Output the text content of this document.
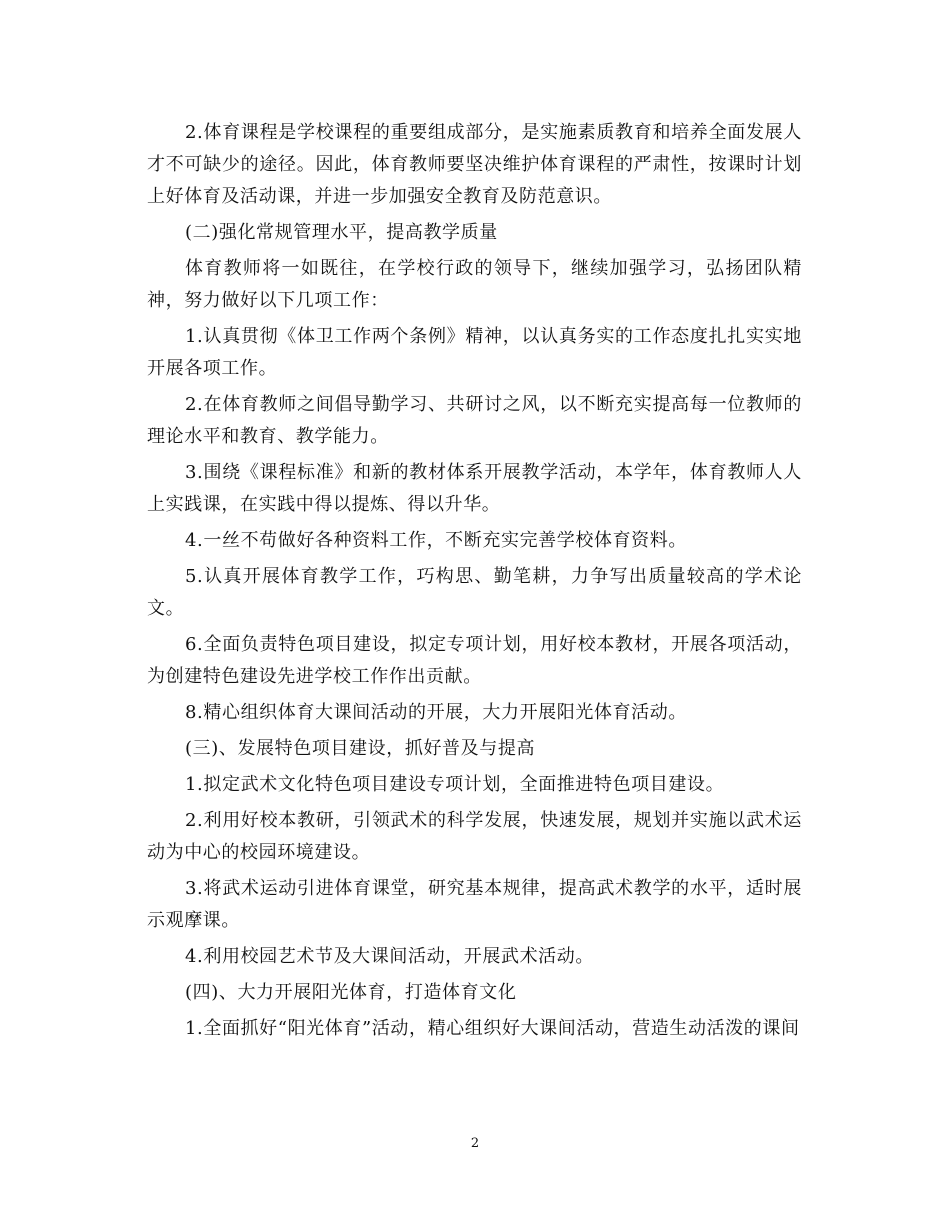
2.体育课程是学校课程的重要组成部分，是实施素质教育和培养全面发展人才不可缺少的途径。因此，体育教师要坚决维护体育课程的严肃性，按课时计划上好体育及活动课，并进一步加强安全教育及防范意识。

(二)强化常规管理水平，提高教学质量

体育教师将一如既往，在学校行政的领导下，继续加强学习，弘扬团队精神，努力做好以下几项工作：

1.认真贯彻《体卫工作两个条例》精神，以认真务实的工作态度扎扎实实地开展各项工作。

2.在体育教师之间倡导勤学习、共研讨之风，以不断充实提高每一位教师的理论水平和教育、教学能力。

3.围绕《课程标准》和新的教材体系开展教学活动，本学年，体育教师人人上实践课，在实践中得以提炼、得以升华。

4.一丝不苟做好各种资料工作，不断充实完善学校体育资料。

5.认真开展体育教学工作，巧构思、勤笔耕，力争写出质量较高的学术论文。

6.全面负责特色项目建设，拟定专项计划，用好校本教材，开展各项活动，为创建特色建设先进学校工作作出贡献。

8.精心组织体育大课间活动的开展，大力开展阳光体育活动。

(三)、发展特色项目建设，抓好普及与提高

1.拟定武术文化特色项目建设专项计划，全面推进特色项目建设。

2.利用好校本教研，引领武术的科学发展，快速发展，规划并实施以武术运动为中心的校园环境建设。

3.将武术运动引进体育课堂，研究基本规律，提高武术教学的水平，适时展示观摩课。

4.利用校园艺术节及大课间活动，开展武术活动。

(四)、大力开展阳光体育，打造体育文化

1.全面抓好“阳光体育”活动，精心组织好大课间活动，营造生动活泼的课间

2
